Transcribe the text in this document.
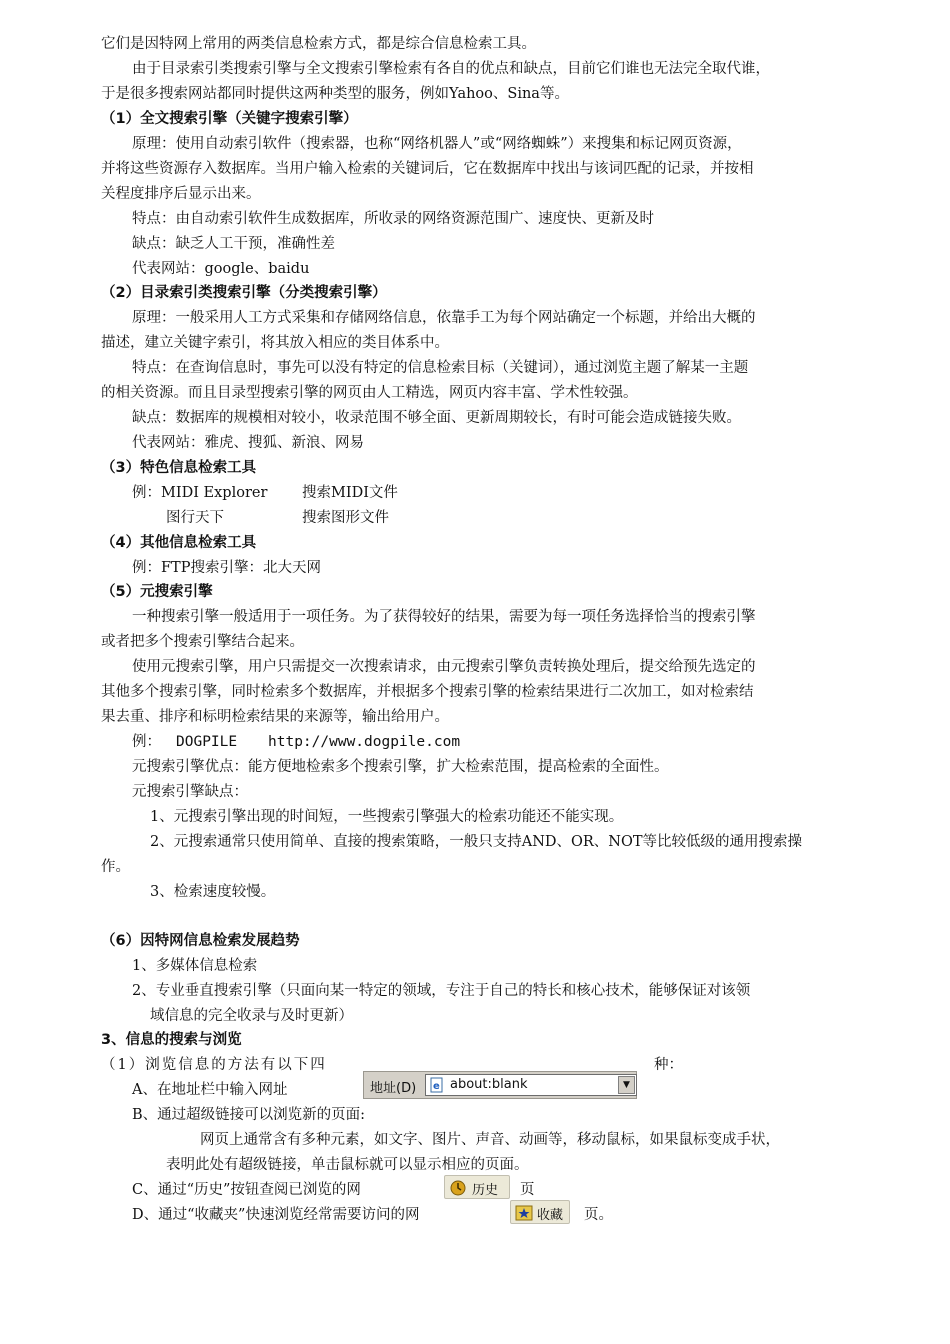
它们是因特网上常用的两类信息检索方式，都是综合信息检索工具。
由于目录索引类搜索引擎与全文搜索引擎检索有各自的优点和缺点，目前它们谁也无法完全取代谁，
于是很多搜索网站都同时提供这两种类型的服务，例如Yahoo、Sina等。
（1）全文搜索引擎（关键字搜索引擎）
原理：使用自动索引软件（搜索器，也称“网络机器人”或“网络蜘蛛”）来搜集和标记网页资源，
并将这些资源存入数据库。当用户输入检索的关键词后，它在数据库中找出与该词匹配的记录，并按相
关程度排序后显示出来。
特点：由自动索引软件生成数据库，所收录的网络资源范围广、速度快、更新及时
缺点：缺乏人工干预，准确性差
代表网站：google、baidu
（2）目录索引类搜索引擎（分类搜索引擎）
原理：一般采用人工方式采集和存储网络信息，依靠手工为每个网站确定一个标题，并给出大概的
描述，建立关键字索引，将其放入相应的类目体系中。
特点：在查询信息时，事先可以没有特定的信息检索目标（关键词），通过浏览主题了解某一主题
的相关资源。而且目录型搜索引擎的网页由人工精选，网页内容丰富、学术性较强。
缺点：数据库的规模相对较小，收录范围不够全面、更新周期较长，有时可能会造成链接失败。
代表网站：雅虎、搜狐、新浪、网易
（3）特色信息检索工具
例：MIDI Explorer 搜索MIDI文件
图行天下	搜索图形文件
（4）其他信息检索工具
例：FTP搜索引擎：北大天网
（5）元搜索引擎
一种搜索引擎一般适用于一项任务。为了获得较好的结果，需要为每一项任务选择恰当的搜索引擎
或者把多个搜索引擎结合起来。
使用元搜索引擎，用户只需提交一次搜索请求，由元搜索引擎负责转换处理后，提交给预先选定的
其他多个搜索引擎，同时检索多个数据库，并根据多个搜索引擎的检索结果进行二次加工，如对检索结
果去重、排序和标明检索结果的来源等，输出给用户。
例： DOGPILE http://www.dogpile.com
元搜索引擎优点：能方便地检索多个搜索引擎，扩大检索范围，提高检索的全面性。
元搜索引擎缺点：
1、元搜索引擎出现的时间短，一些搜索引擎强大的检索功能还不能实现。
2、元搜索通常只使用简单、直接的搜索策略，一般只支持AND、OR、NOT等比较低级的通用搜索操
作。
3、检索速度较慢。
（6）因特网信息检索发展趋势
1、多媒体信息检索
2、专业垂直搜索引擎（只面向某一特定的领域，专注于自己的特长和核心技术，能够保证对该领
域信息的完全收录与及时更新）
3、信息的搜索与浏览
（1）浏览信息的方法有以下四	种：
A、在地址栏中输入网址	地址(D) e about:blank	▼
B、通过超级链接可以浏览新的页面:
网页上通常含有多种元素，如文字、图片、声音、动画等，移动鼠标，如果鼠标变成手状，
表明此处有超级链接，单击鼠标就可以显示相应的页面。
C、通过“历史”按钮查阅已浏览的网	历史 页
D、通过“收藏夹”快速浏览经常需要访问的网	收藏 页。
